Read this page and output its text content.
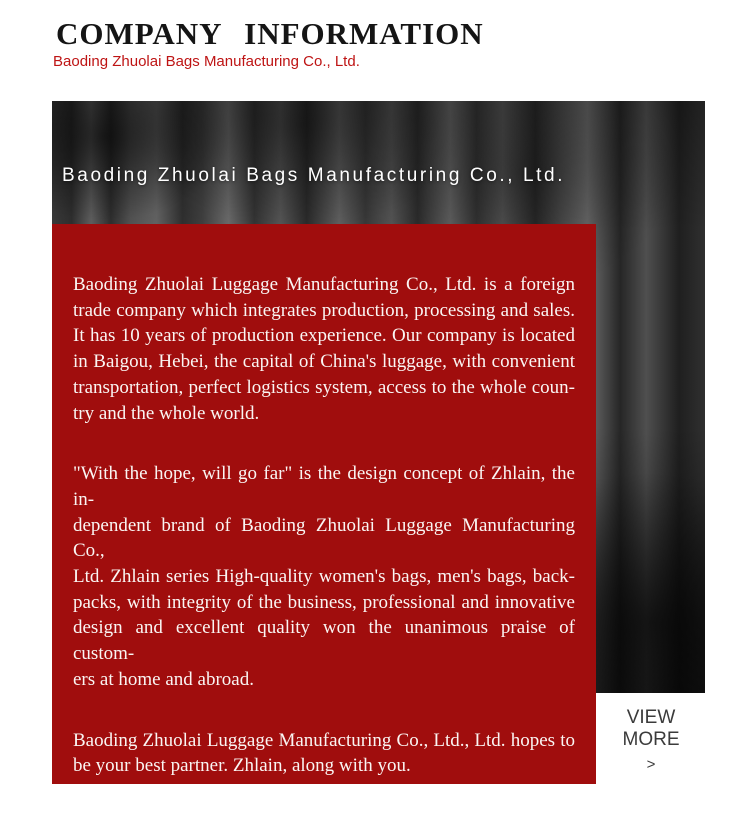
COMPANY INFORMATION
Baoding Zhuolai Bags Manufacturing Co., Ltd.
Baoding Zhuolai Bags Manufacturing Co., Ltd.
Baoding Zhuolai Luggage Manufacturing Co., Ltd. is a foreign
trade company which integrates production, processing and sales.
It has 10 years of production experience. Our company is located
in Baigou, Hebei, the capital of China's luggage, with convenient
transportation, perfect logistics system, access to the whole coun-
try and the whole world.
"With the hope, will go far" is the design concept of Zhlain, the in-
dependent brand of Baoding Zhuolai Luggage Manufacturing Co.,
Ltd. Zhlain series High-quality women's bags, men's bags, back-
packs, with integrity of the business, professional and innovative
design and excellent quality won the unanimous praise of custom-
ers at home and abroad.
Baoding Zhuolai Luggage Manufacturing Co., Ltd., Ltd. hopes to
be your best partner. Zhlain, along with you.
VIEW
MORE
>
